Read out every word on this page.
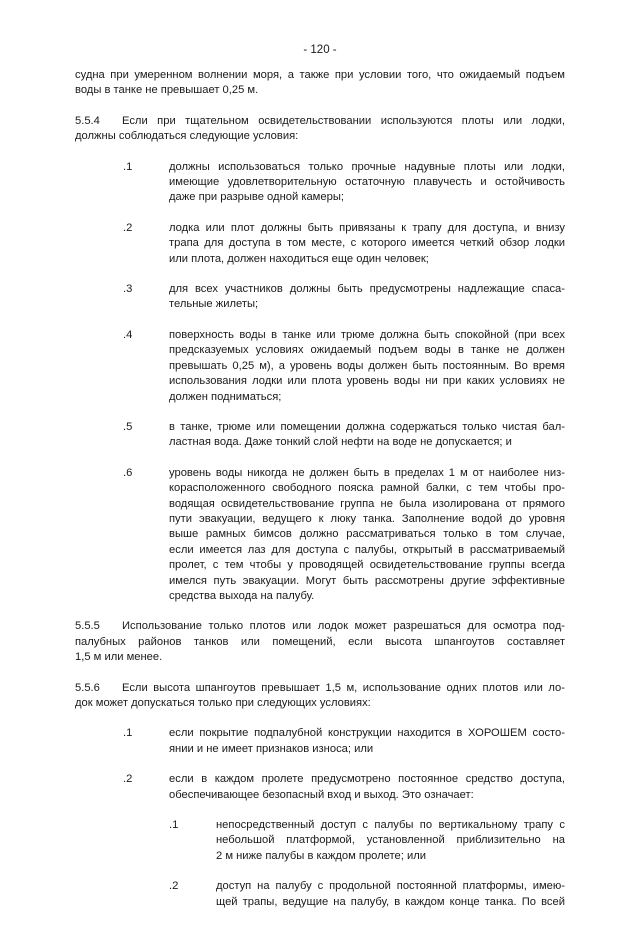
- 120 -
судна при умеренном волнении моря, а также при условии того, что ожидаемый подъем
воды в танке не превышает 0,25 м.
5.5.4	Если при тщательном освидетельствовании используются плоты или лодки,
должны соблюдаться следующие условия:
.1	должны использоваться только прочные надувные плоты или лодки,
имеющие удовлетворительную остаточную плавучесть и остойчивость
даже при разрыве одной камеры;
.2	лодка или плот должны быть привязаны к трапу для доступа, и внизу
трапа для доступа в том месте, с которого имеется четкий обзор лодки
или плота, должен находиться еще один человек;
.3	для всех участников должны быть предусмотрены надлежащие спаса-
тельные жилеты;
.4	поверхность воды в танке или трюме должна быть спокойной (при всех
предсказуемых условиях ожидаемый подъем воды в танке не должен
превышать 0,25 м), а уровень воды должен быть постоянным. Во время
использования лодки или плота уровень воды ни при каких условиях не
должен подниматься;
.5	в танке, трюме или помещении должна содержаться только чистая бал-
ластная вода. Даже тонкий слой нефти на воде не допускается; и
.6	уровень воды никогда не должен быть в пределах 1 м от наиболее низ-
корасположенного свободного пояска рамной балки, с тем чтобы про-
водящая освидетельствование группа не была изолирована от прямого
пути эвакуации, ведущего к люку танка. Заполнение водой до уровня
выше рамных бимсов должно рассматриваться только в том случае,
если имеется лаз для доступа с палубы, открытый в рассматриваемый
пролет, с тем чтобы у проводящей освидетельствование группы всегда
имелся путь эвакуации. Могут быть рассмотрены другие эффективные
средства выхода на палубу.
5.5.5	Использование только плотов или лодок может разрешаться для осмотра под-
палубных районов танков или помещений, если высота шпангоутов составляет
1,5 м или менее.
5.5.6	Если высота шпангоутов превышает 1,5 м, использование одних плотов или ло-
док может допускаться только при следующих условиях:
.1	если покрытие подпалубной конструкции находится в ХОРОШЕМ состо-
янии и не имеет признаков износа; или
.2	если в каждом пролете предусмотрено постоянное средство доступа,
обеспечивающее безопасный вход и выход. Это означает:
.1	непосредственный доступ с палубы по вертикальному трапу с
небольшой платформой, установленной приблизительно на
2 м ниже палубы в каждом пролете; или
.2	доступ на палубу с продольной постоянной платформы, имею-
щей трапы, ведущие на палубу, в каждом конце танка. По всей
